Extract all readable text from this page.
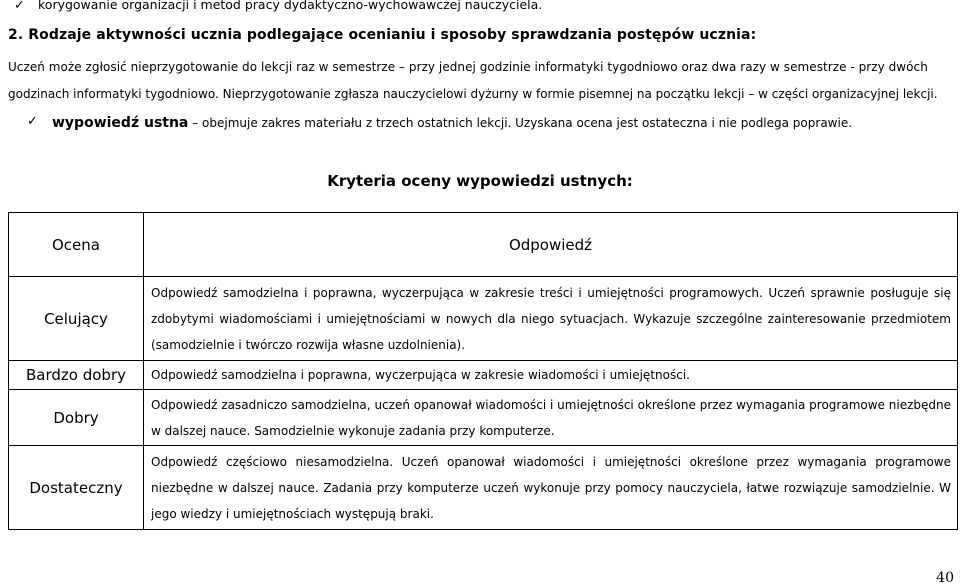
✓ korygowanie organizacji i metod pracy dydaktyczno-wychowawczej nauczyciela.
2. Rodzaje aktywności ucznia podlegające ocenianiu i sposoby sprawdzania postępów ucznia:
Uczeń może zgłosić nieprzygotowanie do lekcji raz w semestrze – przy jednej godzinie informatyki tygodniowo oraz dwa razy w semestrze - przy dwóch
godzinach informatyki tygodniowo. Nieprzygotowanie zgłasza nauczycielowi dyżurny w formie pisemnej na początku lekcji – w części organizacyjnej lekcji.
✓ wypowiedź ustna – obejmuje zakres materiału z trzech ostatnich lekcji. Uzyskana ocena jest ostateczna i nie podlega poprawie.
Kryteria oceny wypowiedzi ustnych:
Ocena	Odpowiedź
Celujący	Odpowiedź samodzielna i poprawna, wyczerpująca w zakresie treści i umiejętności programowych. Uczeń sprawnie posługuje się zdobytymi wiadomościami i umiejętnościami w nowych dla niego sytuacjach. Wykazuje szczególne zainteresowanie przedmiotem (samodzielnie i twórczo rozwija własne uzdolnienia).
Bardzo dobry	Odpowiedź samodzielna i poprawna, wyczerpująca w zakresie wiadomości i umiejętności.
Dobry	Odpowiedź zasadniczo samodzielna, uczeń opanował wiadomości i umiejętności określone przez wymagania programowe niezbędne w dalszej nauce. Samodzielnie wykonuje zadania przy komputerze.
Dostateczny	Odpowiedź częściowo niesamodzielna. Uczeń opanował wiadomości i umiejętności określone przez wymagania programowe niezbędne w dalszej nauce. Zadania przy komputerze uczeń wykonuje przy pomocy nauczyciela, łatwe rozwiązuje samodzielnie. W jego wiedzy i umiejętnościach występują braki.
40
